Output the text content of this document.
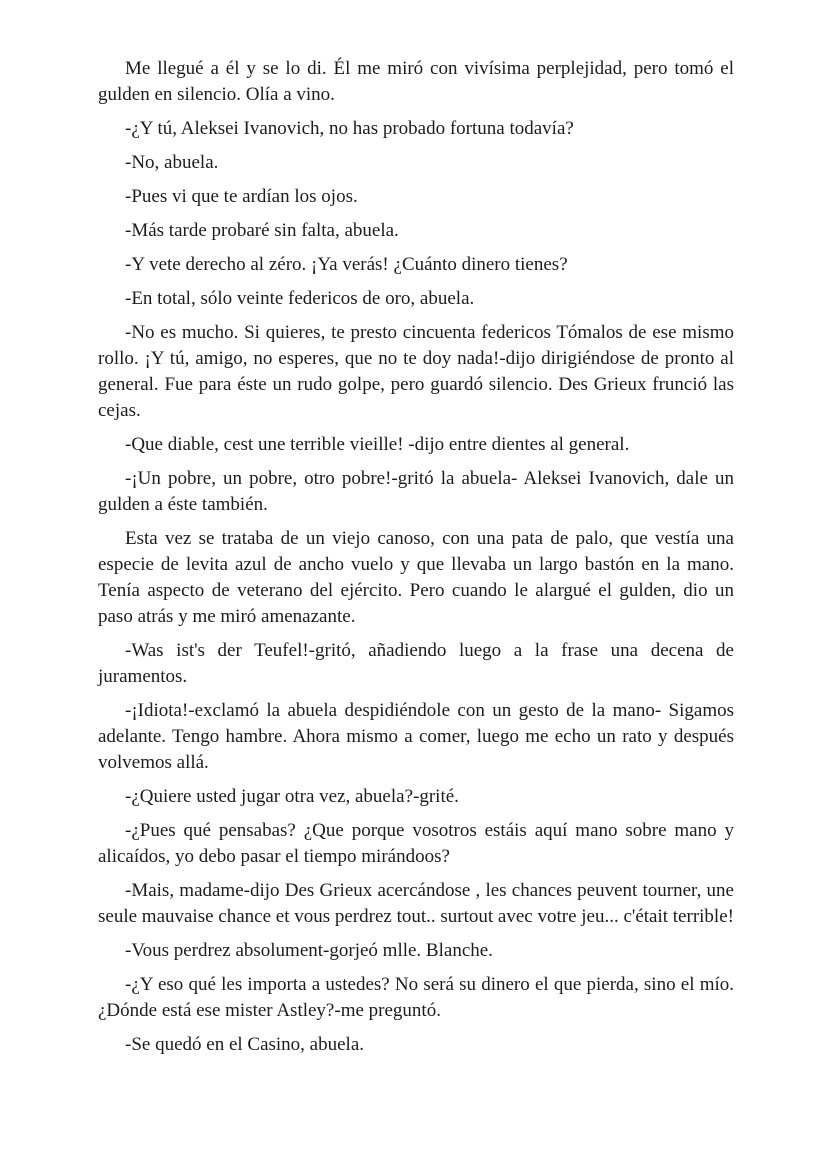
Me llegué a él y se lo di. Él me miró con vivísima perplejidad, pero tomó el gulden en silencio. Olía a vino.

-¿Y tú, Aleksei Ivanovich, no has probado fortuna todavía?

-No, abuela.

-Pues vi que te ardían los ojos.

-Más tarde probaré sin falta, abuela.

-Y vete derecho al zéro. ¡Ya verás! ¿Cuánto dinero tienes?

-En total, sólo veinte federicos de oro, abuela.

-No es mucho. Si quieres, te presto cincuenta federicos Tómalos de ese mismo rollo. ¡Y tú, amigo, no esperes, que no te doy nada!-dijo dirigiéndose de pronto al general. Fue para éste un rudo golpe, pero guardó silencio. Des Grieux frunció las cejas.

-Que diable, cest une terrible vieille! -dijo entre dientes al general.

-¡Un pobre, un pobre, otro pobre!-gritó la abuela- Aleksei Ivanovich, dale un gulden a éste también.

Esta vez se trataba de un viejo canoso, con una pata de palo, que vestía una especie de levita azul de ancho vuelo y que llevaba un largo bastón en la mano. Tenía aspecto de veterano del ejército. Pero cuando le alargué el gulden, dio un paso atrás y me miró amenazante.

-Was ist's der Teufel!-gritó, añadiendo luego a la frase una decena de juramentos.

-¡Idiota!-exclamó la abuela despidiéndole con un gesto de la mano- Sigamos adelante. Tengo hambre. Ahora mismo a comer, luego me echo un rato y después volvemos allá.

-¿Quiere usted jugar otra vez, abuela?-grité.

-¿Pues qué pensabas? ¿Que porque vosotros estáis aquí mano sobre mano y alicaídos, yo debo pasar el tiempo mirándoos?

-Mais, madame-dijo Des Grieux acercándose , les chances peuvent tourner, une seule mauvaise chance et vous perdrez tout.. surtout avec votre jeu... c'était terrible!

-Vous perdrez absolument-gorjeó mlle. Blanche.

-¿Y eso qué les importa a ustedes? No será su dinero el que pierda, sino el mío. ¿Dónde está ese mister Astley?-me preguntó.

-Se quedó en el Casino, abuela.
